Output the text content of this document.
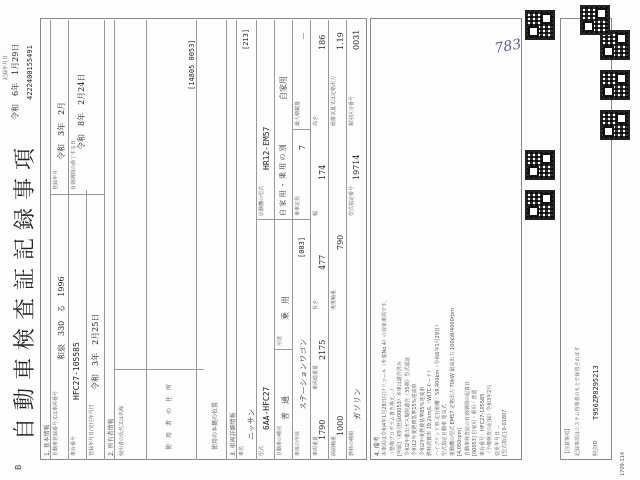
自動車検査証記録事項
B	1709-114
記録年月日 令和　6年　1月29日 4222400155491
1. 基本情報 自動車登録番号又は車両番号
和泉　330　る　1996
登録年月
令和　3年　2月
車台番号
HFC27-105585
有効期間の満了する日
令和　8年　2月24日
登録年月日/交付年月日
令和　3年　2月25日
2. 所有者情報 使用者の氏名又は名称	使　用　者　の　住　所
[14805 0053]
使用の本拠の位置	3. 車両詳細情報 車名
ニッサン
[213]
型式
6AA-HFC27
原動機の型式
HR12-EM57
自動車の種別
普　通
用途
乗　用
自 家 用 ・ 乗 用 の 別
自家用
車体の形状
ステーションワゴン
[003]
乗車定員
7
最大積載量
－
車両重量
1790
車両総重量
2175
長さ
477
幅
174
高さ
186
前前軸重
1000
後後軸重
790
総排気量又は定格出力
1.19
燃料の種類
ガソリン
型式指定番号
19714
類別区分番号
0031
4. 備考 本車両は令和4年1月28日付けリコール（外装No.4）の対象車両です。 （整備プログラム書き換え…） [所属]（初回登録00053）本車は適合済み 令和2年排出ガス規制適合（35期）型式認証 令和12年度燃費基準15%達成車 令和2年度燃費基準85%達成車 燃料消費率 19.2km/L（WLTCモード） ハイブリッド車 走行距離：59,400km（令和6年1月29日） 型式指定自動車 電気式 電動機の型式 EM57 定格出力 70kW 最高出力 100kW/4000rpm [4,050rpm] 自動車検査証の有効期間の起算日 [00053] 自家用・乗用・普通 車台番号：HFC27-105585 （予備検査の記録）令和3年2月 変更年月日 … [型式指定] 0-01807	【注意事項】 記録事項はシステム管理者のもとで保管されます 照会ID
T956ZP8295213
783
